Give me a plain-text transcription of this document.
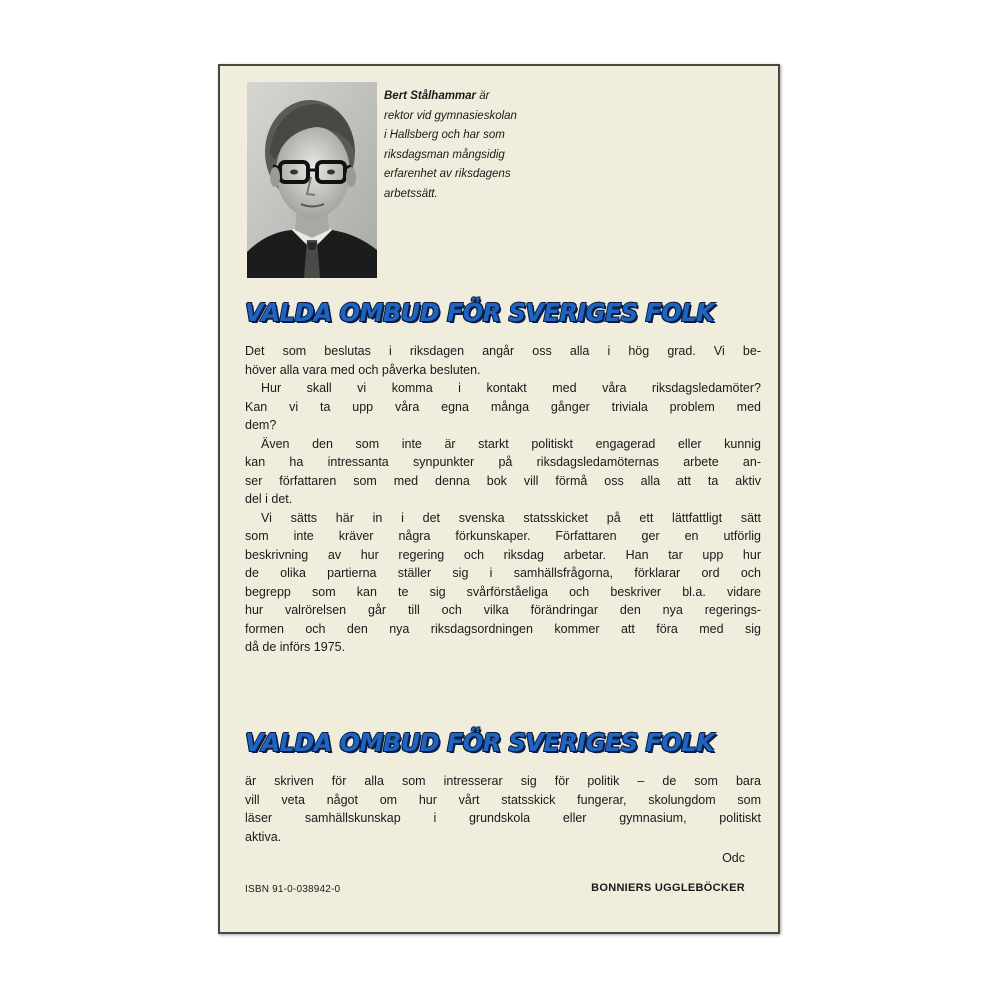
Bert Stålhammar är
rektor vid gymnasieskolan
i Hallsberg och har som
riksdagsman mångsidig
erfarenhet av riksdagens
arbetssätt.
VALDA OMBUD FÖR SVERIGES FOLK
Det som beslutas i riksdagen angår oss alla i hög grad. Vi be-
höver alla vara med och påverka besluten.
Hur skall vi komma i kontakt med våra riksdagsledamöter?
Kan vi ta upp våra egna många gånger triviala problem med
dem?
Även den som inte är starkt politiskt engagerad eller kunnig
kan ha intressanta synpunkter på riksdagsledamöternas arbete an-
ser författaren som med denna bok vill förmå oss alla att ta aktiv
del i det.
Vi sätts här in i det svenska statsskicket på ett lättfattligt sätt
som inte kräver några förkunskaper. Författaren ger en utförlig
beskrivning av hur regering och riksdag arbetar. Han tar upp hur
de olika partierna ställer sig i samhällsfrågorna, förklarar ord och
begrepp som kan te sig svårförståeliga och beskriver bl.a. vidare
hur valrörelsen går till och vilka förändringar den nya regerings-
formen och den nya riksdagsordningen kommer att föra med sig
då de införs 1975.
VALDA OMBUD FÖR SVERIGES FOLK
är skriven för alla som intresserar sig för politik – de som bara
vill veta något om hur vårt statsskick fungerar, skolungdom som
läser samhällskunskap i grundskola eller gymnasium, politiskt
aktiva.
Odc
ISBN 91-0-038942-0	BONNIERS UGGLEBÖCKER
